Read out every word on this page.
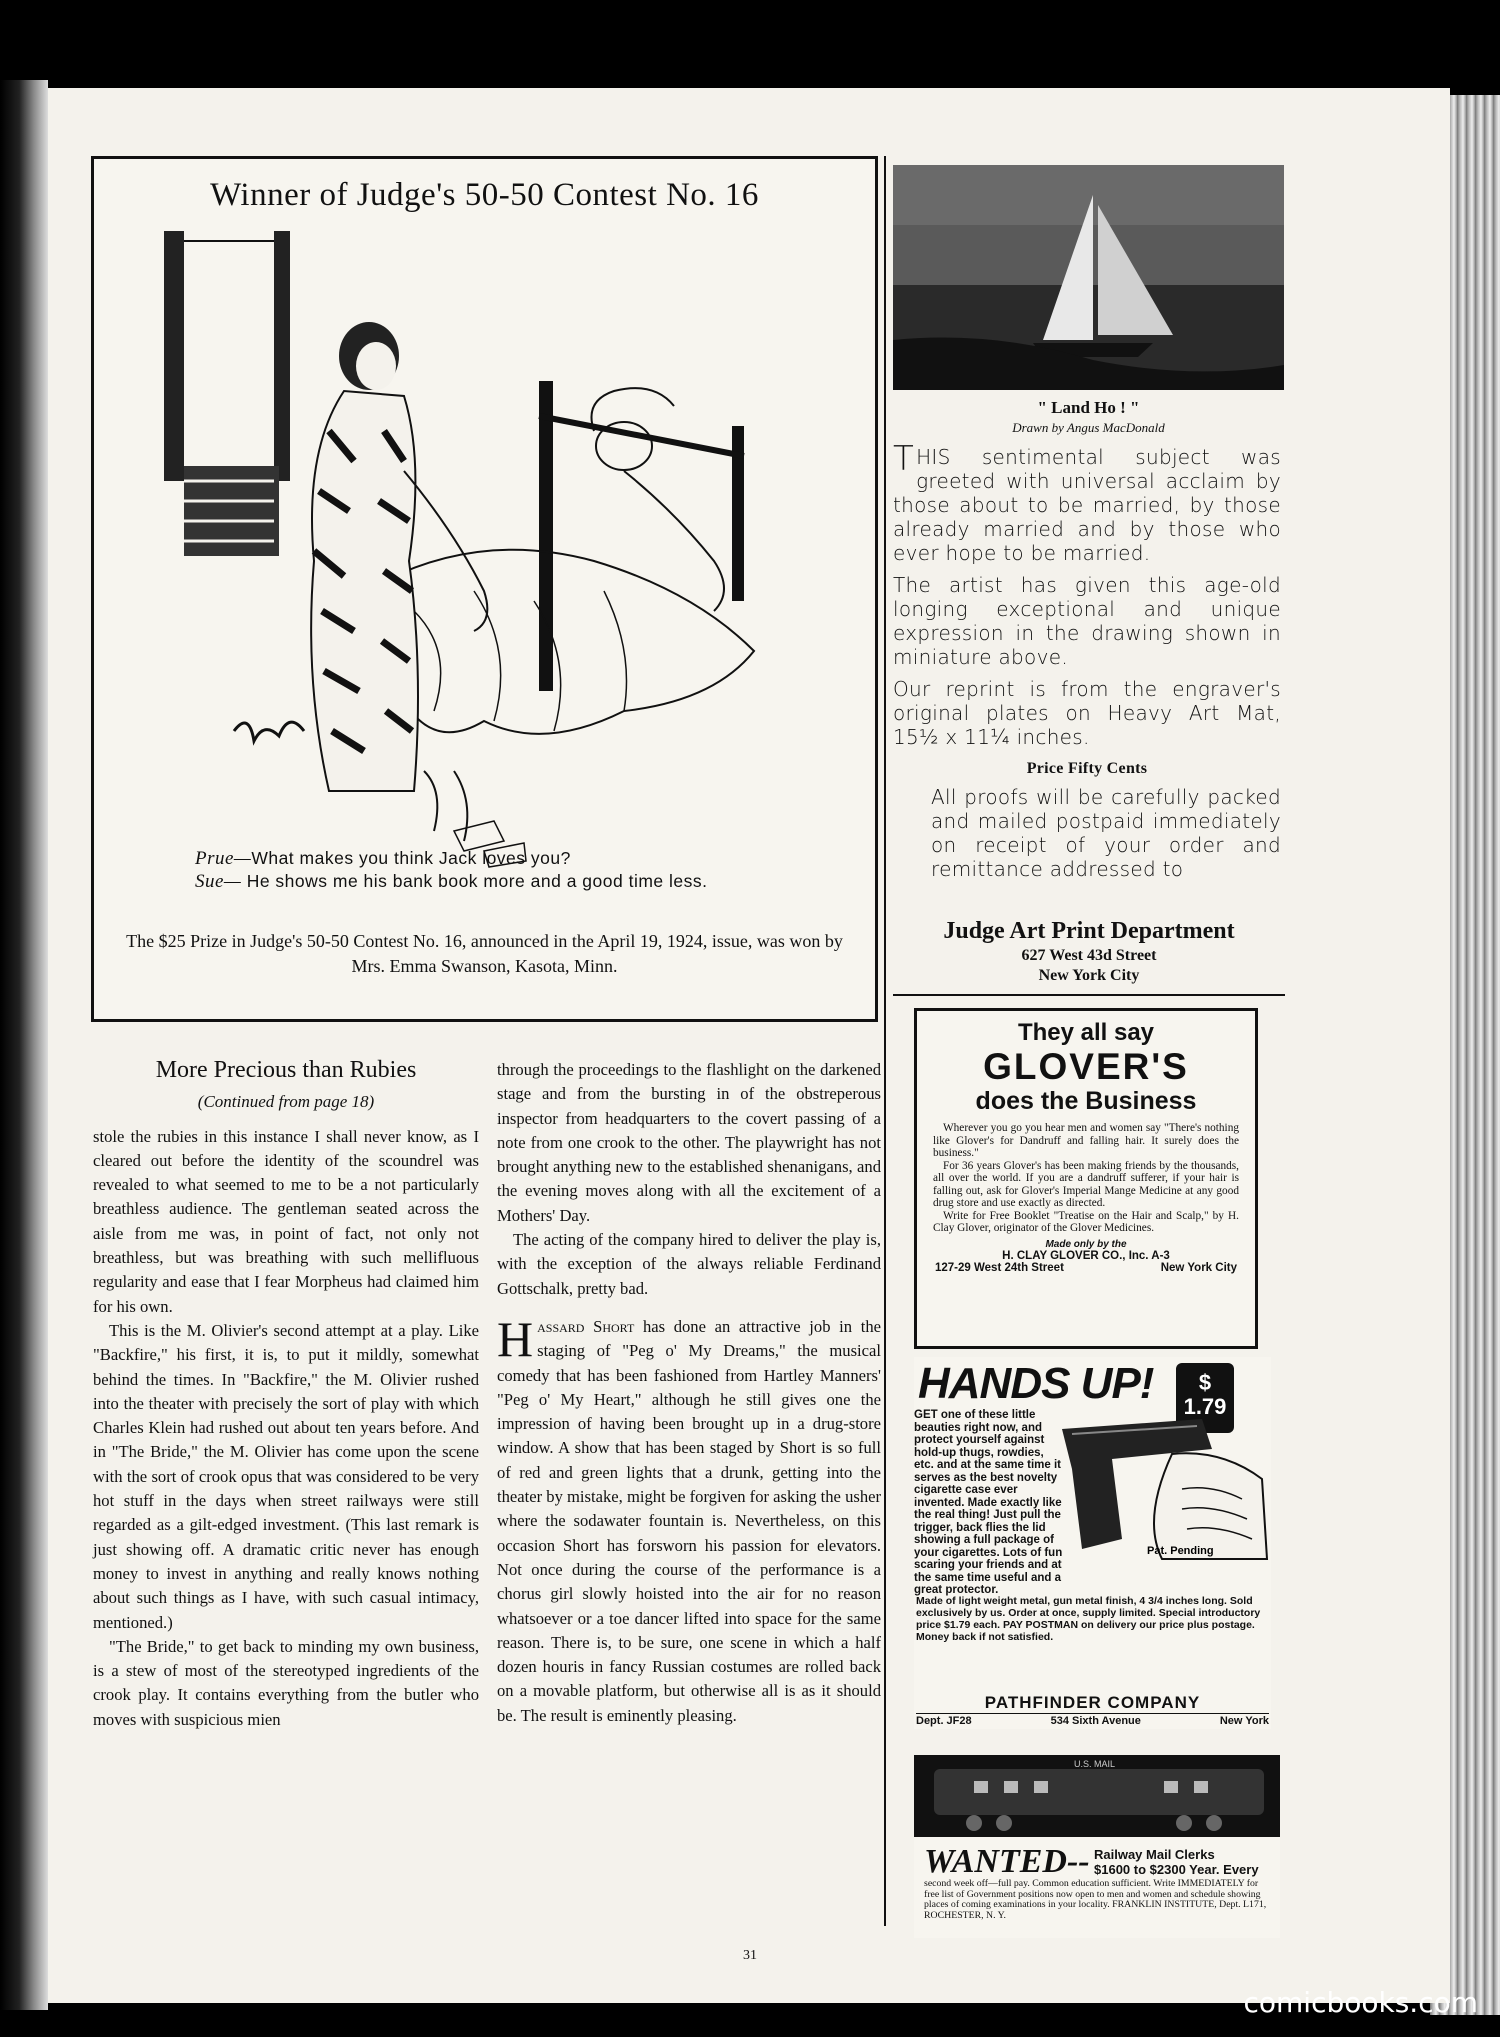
Winner of Judge's 50-50 Contest No. 16
Prue—What makes you think Jack loves you?
Sue— He shows me his bank book more and a good time less.
The $25 Prize in Judge's 50-50 Contest No. 16, announced in the April 19, 1924, issue, was won by Mrs. Emma Swanson, Kasota, Minn.
More Precious than Rubies
(Continued from page 18)

stole the rubies in this instance I shall never know, as I cleared out before the identity of the scoundrel was revealed to what seemed to me to be a not particularly breathless audience. The gentleman seated across the aisle from me was, in point of fact, not only not breathless, but was breathing with such mellifluous regularity and ease that I fear Morpheus had claimed him for his own.

This is the M. Olivier's second attempt at a play. Like "Backfire," his first, it is, to put it mildly, somewhat behind the times. In "Backfire," the M. Olivier rushed into the theater with precisely the sort of play with which Charles Klein had rushed out about ten years before. And in "The Bride," the M. Olivier has come upon the scene with the sort of crook opus that was considered to be very hot stuff in the days when street railways were still regarded as a gilt-edged investment. (This last remark is just showing off. A dramatic critic never has enough money to invest in anything and really knows nothing about such things as I have, with such casual intimacy, mentioned.)

"The Bride," to get back to minding my own business, is a stew of most of the stereotyped ingredients of the crook play. It contains everything from the butler who moves with suspicious mien

through the proceedings to the flashlight on the darkened stage and from the bursting in of the obstreperous inspector from headquarters to the covert passing of a note from one crook to the other. The playwright has not brought anything new to the established shenanigans, and the evening moves along with all the excitement of a Mothers' Day.

The acting of the company hired to deliver the play is, with the exception of the always reliable Ferdinand Gottschalk, pretty bad.

Hassard Short has done an attractive job in the staging of "Peg o' My Dreams," the musical comedy that has been fashioned from Hartley Manners' "Peg o' My Heart," although he still gives one the impression of having been brought up in a drug-store window. A show that has been staged by Short is so full of red and green lights that a drunk, getting into the theater by mistake, might be forgiven for asking the usher where the sodawater fountain is. Nevertheless, on this occasion Short has forsworn his passion for elevators. Not once during the course of the performance is a chorus girl slowly hoisted into the air for no reason whatsoever or a toe dancer lifted into space for the same reason. There is, to be sure, one scene in which a half dozen houris in fancy Russian costumes are rolled back on a movable platform, but otherwise all is as it should be. The result is eminently pleasing.

" Land Ho ! "
Drawn by Angus MacDonald

THIS sentimental subject was greeted with universal acclaim by those about to be married, by those already married and by those who ever hope to be married.

The artist has given this age-old longing exceptional and unique expression in the drawing shown in miniature above.

Our reprint is from the engraver's original plates on Heavy Art Mat, 15½ x 11¼ inches.

Price Fifty Cents

All proofs will be carefully packed and mailed postpaid immediately on receipt of your order and remittance addressed to

Judge Art Print Department
627 West 43d Street
New York City
They all say
GLOVER'S
does the Business

Wherever you go you hear men and women say "There's nothing like Glover's for Dandruff and falling hair. It surely does the business."

For 36 years Glover's has been making friends by the thousands, all over the world. If you are a dandruff sufferer, if your hair is falling out, ask for Glover's Imperial Mange Medicine at any good drug store and use exactly as directed.

Write for Free Booklet "Treatise on the Hair and Scalp," by H. Clay Glover, originator of the Glover Medicines.

Made only by the
H. CLAY GLOVER CO., Inc. A-3
127-29 West 24th Street	New York City
HANDS UP!	$
1.79
GET one of these little beauties right now, and protect yourself against hold-up thugs, rowdies, etc. and at the same time it serves as the best novelty cigarette case ever invented. Made exactly like the real thing! Just pull the trigger, back flies the lid showing a full package of your cigarettes. Lots of fun scaring your friends and at the same time useful and a great protector.
Pat. Pending
Made of light weight metal, gun metal finish, 4 3/4 inches long. Sold exclusively by us. Order at once, supply limited. Special introductory price $1.79 each. PAY POSTMAN on delivery our price plus postage. Money back if not satisfied.
PATHFINDER COMPANY
Dept. JF28	534 Sixth Avenue	New York
U.S. MAIL
WANTED-- Railway Mail Clerks
$1600 to $2300 Year. Every
second week off—full pay. Common education sufficient. Write IMMEDIATELY for free list of Government positions now open to men and women and schedule showing places of coming examinations in your locality. FRANKLIN INSTITUTE, Dept. L171, ROCHESTER, N. Y.
31
comicbooks.com
